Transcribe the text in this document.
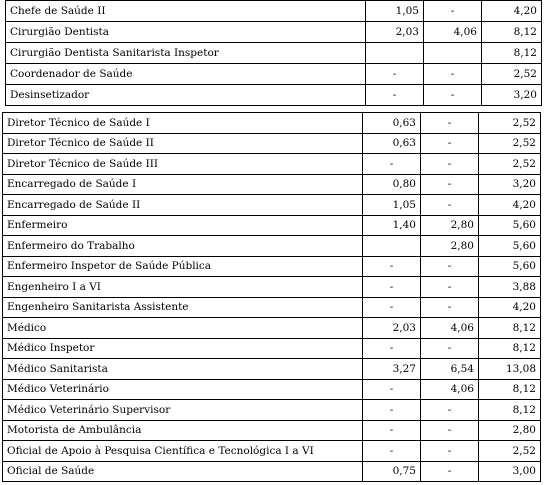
Chefe de Saúde II	1,05	-	4,20
Cirurgião Dentista	2,03	4,06	8,12
Cirurgião Dentista Sanitarista Inspetor			8,12
Coordenador de Saúde	-	-	2,52
Desinsetizador	-	-	3,20
Diretor Técnico de Saúde I	0,63	-	2,52
Diretor Técnico de Saúde II	0,63	-	2,52
Diretor Técnico de Saúde III	-	-	2,52
Encarregado de Saúde I	0,80	-	3,20
Encarregado de Saúde II	1,05	-	4,20
Enfermeiro	1,40	2,80	5,60
Enfermeiro do Trabalho		2,80	5,60
Enfermeiro Inspetor de Saúde Pública	-	-	5,60
Engenheiro I a VI	-	-	3,88
Engenheiro Sanitarista Assistente	-	-	4,20
Médico	2,03	4,06	8,12
Médico Inspetor	-	-	8,12
Médico Sanitarista	3,27	6,54	13,08
Médico Veterinário	-	4,06	8,12
Médico Veterinário Supervisor	-	-	8,12
Motorista de Ambulância	-	-	2,80
Oficial de Apoio à Pesquisa Científica e Tecnológica I a VI	-	-	2,52
Oficial de Saúde	0,75	-	3,00
